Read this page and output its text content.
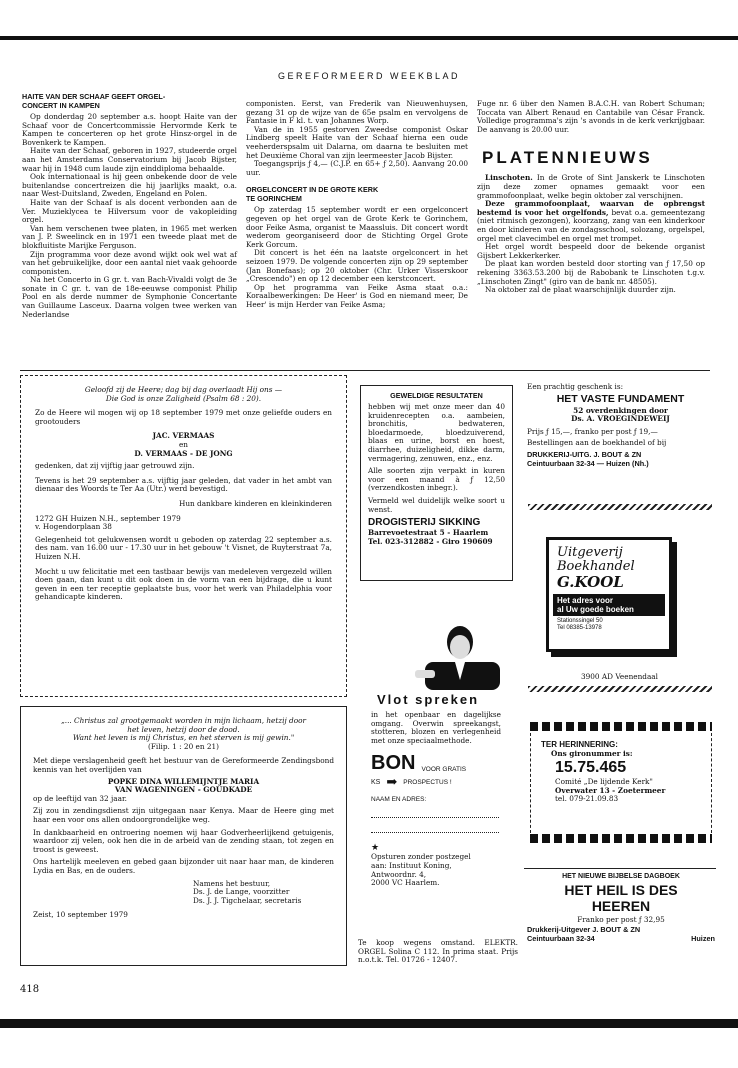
GEREFORMEERD WEEKBLAD
HAITE VAN DER SCHAAF GEEFT ORGEL-
CONCERT IN KAMPEN

Op donderdag 20 september a.s. hoopt Haite van der Schaaf voor de Concertcommissie Hervormde Kerk te Kampen te concerteren op het grote Hinsz-orgel in de Bovenkerk te Kampen.

Haite van der Schaaf, geboren in 1927, studeerde orgel aan het Amsterdams Conservatorium bij Jacob Bijster, waar hij in 1948 cum laude zijn einddiploma behaalde.

Ook internationaal is hij geen onbekende door de vele buitenlandse concertreizen die hij jaarlijks maakt, o.a. naar West-Duitsland, Zweden, Engeland en Polen.

Haite van der Schaaf is als docent verbonden aan de Ver. Muzieklycea te Hilversum voor de vakopleiding orgel.

Van hem verschenen twee platen, in 1965 met werken van J. P. Sweelinck en in 1971 een tweede plaat met de blokfluitiste Marijke Ferguson.

Zijn programma voor deze avond wijkt ook wel wat af van het gebruikelijke, door een aantal niet vaak gehoorde componisten.

Na het Concerto in G gr. t. van Bach-Vivaldi volgt de 3e sonate in C gr. t. van de 18e-eeuwse componist Philip Pool en als derde nummer de Symphonie Concertante van Guillaume Lasceux. Daarna volgen twee werken van Nederlandse

componisten. Eerst, van Frederik van Nieuwenhuysen, gezang 31 op de wijze van de 65e psalm en vervolgens de Fantasie in F kl. t. van Johannes Worp.

Van de in 1955 gestorven Zweedse componist Oskar Lindberg speelt Haite van der Schaaf hierna een oude veeherderspsalm uit Dalarna, om daarna te besluiten met het Deuxième Choral van zijn leermeester Jacob Bijster.

Toegangsprijs ƒ 4,— (C.J.P. en 65+ ƒ 2,50). Aanvang 20.00 uur.

ORGELCONCERT IN DE GROTE KERK
TE GORINCHEM

Op zaterdag 15 september wordt er een orgelconcert gegeven op het orgel van de Grote Kerk te Gorinchem, door Feike Asma, organist te Maassluis. Dit concert wordt wederom georganiseerd door de Stichting Orgel Grote Kerk Gorcum.

Dit concert is het één na laatste orgelconcert in het seizoen 1979. De volgende concerten zijn op 29 september (Jan Bonefaas); op 20 oktober (Chr. Urker Visserskoor „Crescendo") en op 12 december een kerstconcert.

Op het programma van Feike Asma staat o.a.: Koraalbewerkingen: De Heer' is God en niemand meer, De Heer' is mijn Herder van Feike Asma;

Fuge nr. 6 über den Namen B.A.C.H. van Robert Schuman; Toccata van Albert Renaud en Cantabile van César Franck. Volledige programma's zijn 's avonds in de kerk verkrijgbaar. De aanvang is 20.00 uur.

PLATENNIEUWS

Linschoten. In de Grote of Sint Janskerk te Linschoten zijn deze zomer opnames gemaakt voor een grammofoonplaat, welke begin oktober zal verschijnen.

Deze grammofoonplaat, waarvan de opbrengst bestemd is voor het orgelfonds, bevat o.a. gemeentezang (niet ritmisch gezongen), koorzang, zang van een kinderkoor en door kinderen van de zondagsschool, solozang, orgelspel, orgel met clavecimbel en orgel met trompet.

Het orgel wordt bespeeld door de bekende organist Gijsbert Lekkerkerker.

De plaat kan worden besteld door storting van ƒ 17,50 op rekening 3363.53.200 bij de Rabobank te Linschoten t.g.v. „Linschoten Zingt" (giro van de bank nr. 48505).

Na oktober zal de plaat waarschijnlijk duurder zijn.

Geloofd zij de Heere; dag bij dag overlaadt Hij ons —
Die God is onze Zaligheid (Psalm 68 : 20).
Zo de Heere wil mogen wij op 18 september 1979 met onze geliefde ouders en grootouders
JAC. VERMAAS
en
D. VERMAAS - DE JONG
gedenken, dat zij vijftig jaar getrouwd zijn.
Tevens is het 29 september a.s. vijftig jaar geleden, dat vader in het ambt van dienaar des Woords te Ter Aa (Utr.) werd bevestigd.
Hun dankbare kinderen en kleinkinderen
1272 GH Huizen N.H., september 1979
v. Hogendorplaan 38
Gelegenheid tot gelukwensen wordt u geboden op zaterdag 22 september a.s. des nam. van 16.00 uur - 17.30 uur in het gebouw 't Visnet, de Ruyterstraat 7a, Huizen N.H.
Mocht u uw felicitatie met een tastbaar bewijs van medeleven vergezeld willen doen gaan, dan kunt u dit ook doen in de vorm van een bijdrage, die u kunt geven in een ter receptie geplaatste bus, voor het werk van Philadelphia voor gehandicapte kinderen.
GEWELDIGE RESULTATEN
hebben wij met onze meer dan 40 kruidenrecepten o.a. aambeien, bronchitis, bedwateren, bloedarmoede, bloedzuiverend, blaas en urine, borst en hoest, diarrhee, duizeligheid, dikke darm, vermagering, zenuwen, enz., enz.
Alle soorten zijn verpakt in kuren voor een maand à ƒ 12,50 (verzendkosten inbegr.).
Vermeld wel duidelijk welke soort u wenst.
DROGISTERIJ SIKKING
Barrevoetestraat 5 - Haarlem
Tel. 023-312882 - Giro 190609
Een prachtig geschenk is:
HET VASTE FUNDAMENT
52 overdenkingen door
Ds. A. VROEGINDEWEIJ
Prijs ƒ 15,—, franko per post ƒ 19,—
Bestellingen aan de boekhandel of bij
DRUKKERIJ-UITG. J. BOUT & ZN
Ceintuurbaan 32-34 — Huizen (Nh.)
Uitgeverij
Boekhandel
G.KOOL
Het adres voor
al Uw goede boeken
Stationssingel 50
Tel 08385-13978
3900 AD Veenendaal
„... Christus zal grootgemaakt worden in mijn lichaam, hetzij door
het leven, hetzij door de dood.
Want het leven is mij Christus, en het sterven is mij gewin."
(Filip. 1 : 20 en 21)
Met diepe verslagenheid geeft het bestuur van de Gereformeerde Zendingsbond kennis van het overlijden van
POPKE DINA WILLEMIJNTJE MARIA
VAN WAGENINGEN - GOUDKADE
op de leeftijd van 32 jaar.
Zij zou in zendingsdienst zijn uitgegaan naar Kenya. Maar de Heere ging met haar een voor ons allen ondoorgrondelijke weg.
In dankbaarheid en ontroering noemen wij haar Godverheerlijkend getuigenis, waardoor zij velen, ook hen die in de arbeid van de zending staan, tot zegen en troost is geweest.
Ons hartelijk meeleven en gebed gaan bijzonder uit naar haar man, de kinderen Lydia en Bas, en de ouders.
Namens het bestuur,
Ds. J. de Lange, voorzitter
Ds. J. J. Tigchelaar, secretaris
Zeist, 10 september 1979
Vlot spreken
in het openbaar en dagelijkse omgang. Overwin spreekangst, stotteren, blozen en verlegenheid met onze speciaalmethode.
BON VOOR GRATIS
KS ➡ PROSPECTUS !
NAAM EN ADRES:
★
Opsturen zonder postzegel
aan: Instituut Koning,
Antwoordnr. 4,
2000 VC Haarlem.
Te koop wegens omstand. ELEKTR. ORGEL Solina C 112. In prima staat. Prijs n.o.t.k. Tel. 01726 - 12407.
TER HERINNERING:
Ons gironummer is:
15.75.465
Comité „De lijdende Kerk"
Overwater 13 - Zoetermeer
tel. 079-21.09.83
HET NIEUWE BIJBELSE DAGBOEK
HET HEIL IS DES
HEEREN
Franko per post ƒ 32,95
Drukkerij-Uitgever J. BOUT & ZN
Ceintuurbaan 32-34	Huizen
418
